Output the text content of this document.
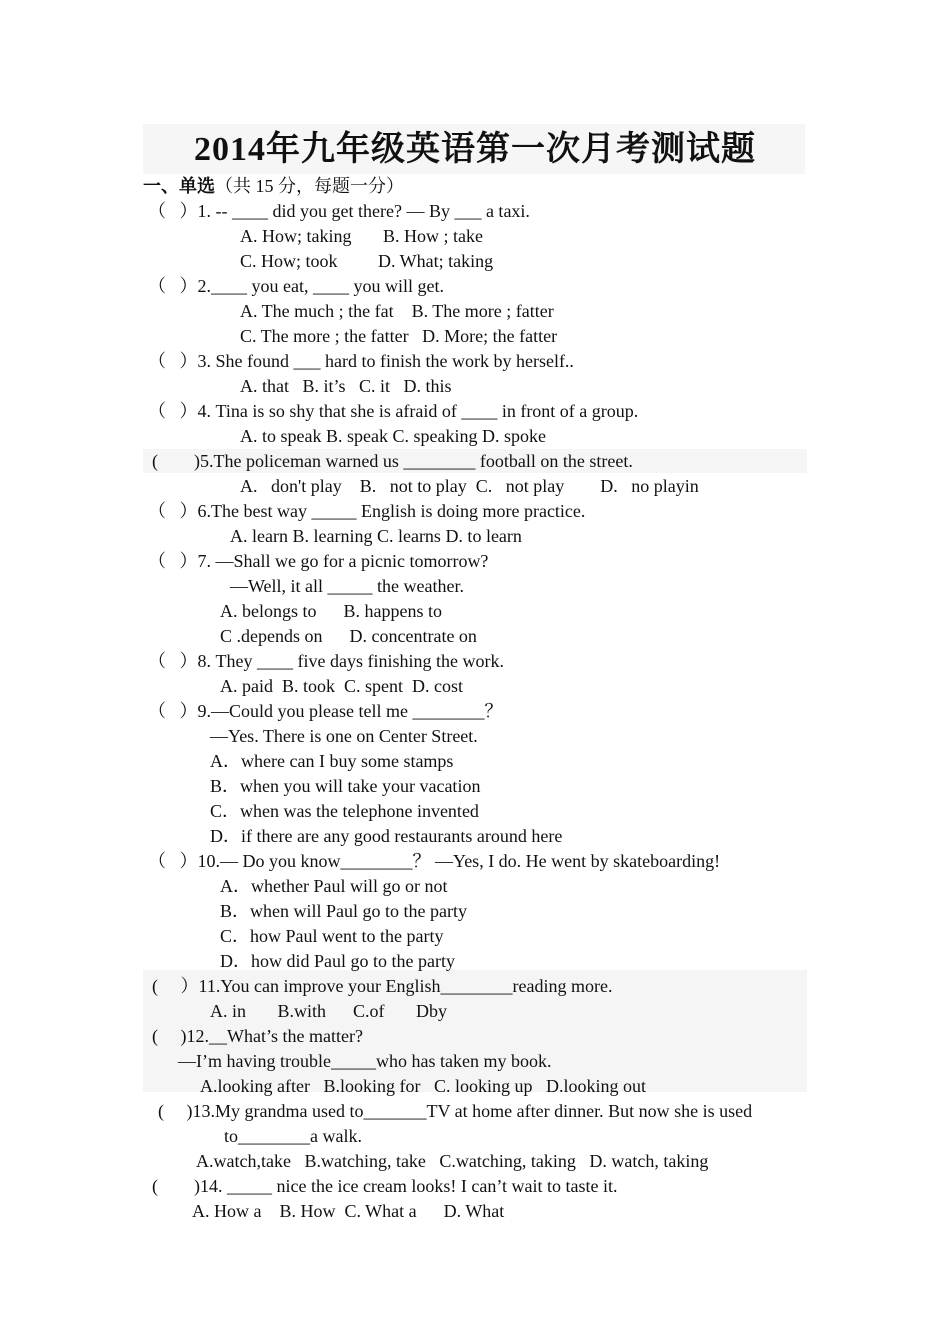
2014年九年级英语第一次月考测试题
一、单选（共 15 分，每题一分）
（   ）1. -- ____ did you get there? — By ___ a taxi.
A. How; taking       B. How ; take
C. How; took         D. What; taking
（   ）2.____ you eat, ____ you will get.
A. The much ; the fat    B. The more ; fatter
C. The more ; the fatter   D. More; the fatter
（   ）3. She found ___ hard to finish the work by herself..
A. that   B. it’s   C. it   D. this
（   ）4. Tina is so shy that she is afraid of ____ in front of a group.
A. to speak B. speak C. speaking D. spoke
(        )5.The policeman warned us ________ football on the street.
A.   don't play    B.   not to play  C.   not play        D.   no playin
（   ）6.The best way _____ English is doing more practice.
A. learn B. learning C. learns D. to learn
（   ）7. —Shall we go for a picnic tomorrow?
—Well, it all _____ the weather.
A. belongs to      B. happens to
C .depends on      D. concentrate on
（   ）8. They ____ five days finishing the work.
A. paid  B. took  C. spent  D. cost
（   ）9.—Could you please tell me ________？
—Yes. There is one on Center Street.
A．where can I buy some stamps
B．when you will take your vacation
C．when was the telephone invented
D．if there are any good restaurants around here
（   ）10.— Do you know________？ —Yes, I do. He went by skateboarding!
A．whether Paul will go or not
B．when will Paul go to the party
C．how Paul went to the party
D．how did Paul go to the party
(     ）11.You can improve your English________reading more.
A. in       B.with      C.of       Dby
(     )12.__What’s the matter?
—I’m having trouble_____who has taken my book.
A.looking after   B.looking for   C. looking up   D.looking out
(     )13.My grandma used to_______TV at home after dinner. But now she is used
to________a walk.
A.watch,take   B.watching, take   C.watching, taking   D. watch, taking
(        )14. _____ nice the ice cream looks! I can’t wait to taste it.
A. How a    B. How  C. What a      D. What
